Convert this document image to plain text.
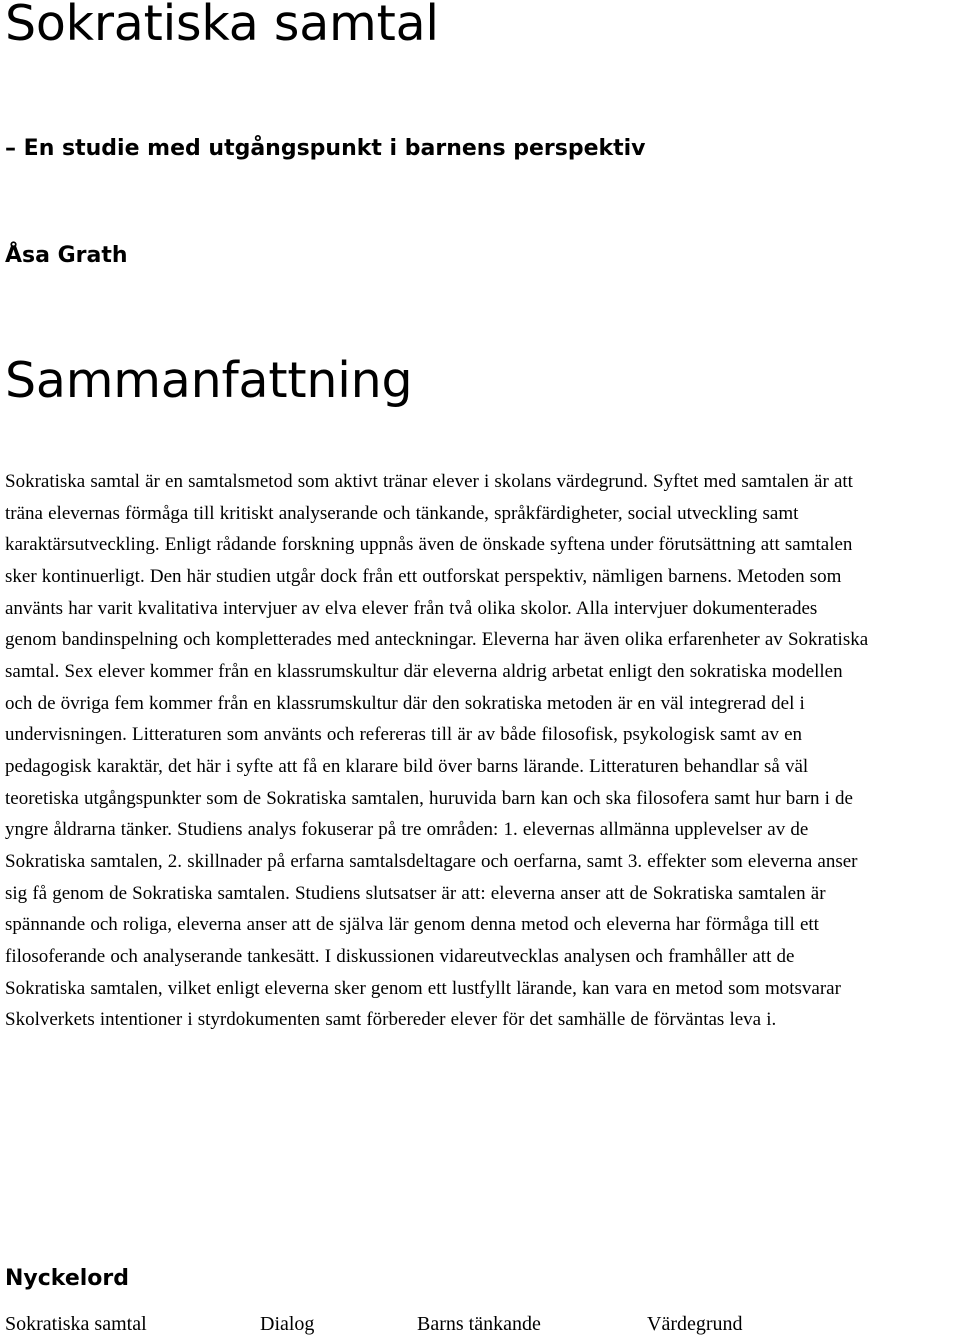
Sokratiska samtal
– En studie med utgångspunkt i barnens perspektiv
Åsa Grath
Sammanfattning
Sokratiska samtal är en samtalsmetod som aktivt tränar elever i skolans värdegrund. Syftet med samtalen är att
träna elevernas förmåga till kritiskt analyserande och tänkande, språkfärdigheter, social utveckling samt
karaktärsutveckling. Enligt rådande forskning uppnås även de önskade syftena under förutsättning att samtalen
sker kontinuerligt. Den här studien utgår dock från ett outforskat perspektiv, nämligen barnens. Metoden som
använts har varit kvalitativa intervjuer av elva elever från två olika skolor. Alla intervjuer dokumenterades
genom bandinspelning och kompletterades med anteckningar. Eleverna har även olika erfarenheter av Sokratiska
samtal. Sex elever kommer från en klassrumskultur där eleverna aldrig arbetat enligt den sokratiska modellen
och de övriga fem kommer från en klassrumskultur där den sokratiska metoden är en väl integrerad del i
undervisningen. Litteraturen som använts och refereras till är av både filosofisk, psykologisk samt av en
pedagogisk karaktär, det här i syfte att få en klarare bild över barns lärande. Litteraturen behandlar så väl
teoretiska utgångspunkter som de Sokratiska samtalen, huruvida barn kan och ska filosofera samt hur barn i de
yngre åldrarna tänker. Studiens analys fokuserar på tre områden: 1. elevernas allmänna upplevelser av de
Sokratiska samtalen, 2. skillnader på erfarna samtalsdeltagare och oerfarna, samt 3. effekter som eleverna anser
sig få genom de Sokratiska samtalen. Studiens slutsatser är att: eleverna anser att de Sokratiska samtalen är
spännande och roliga, eleverna anser att de själva lär genom denna metod och eleverna har förmåga till ett
filosoferande och analyserande tankesätt. I diskussionen vidareutvecklas analysen och framhåller att de
Sokratiska samtalen, vilket enligt eleverna sker genom ett lustfyllt lärande, kan vara en metod som motsvarar
Skolverkets intentioner i styrdokumenten samt förbereder elever för det samhälle de förväntas leva i.
Nyckelord
Sokratiska samtal	Dialog	Barns tänkande	Värdegrund
